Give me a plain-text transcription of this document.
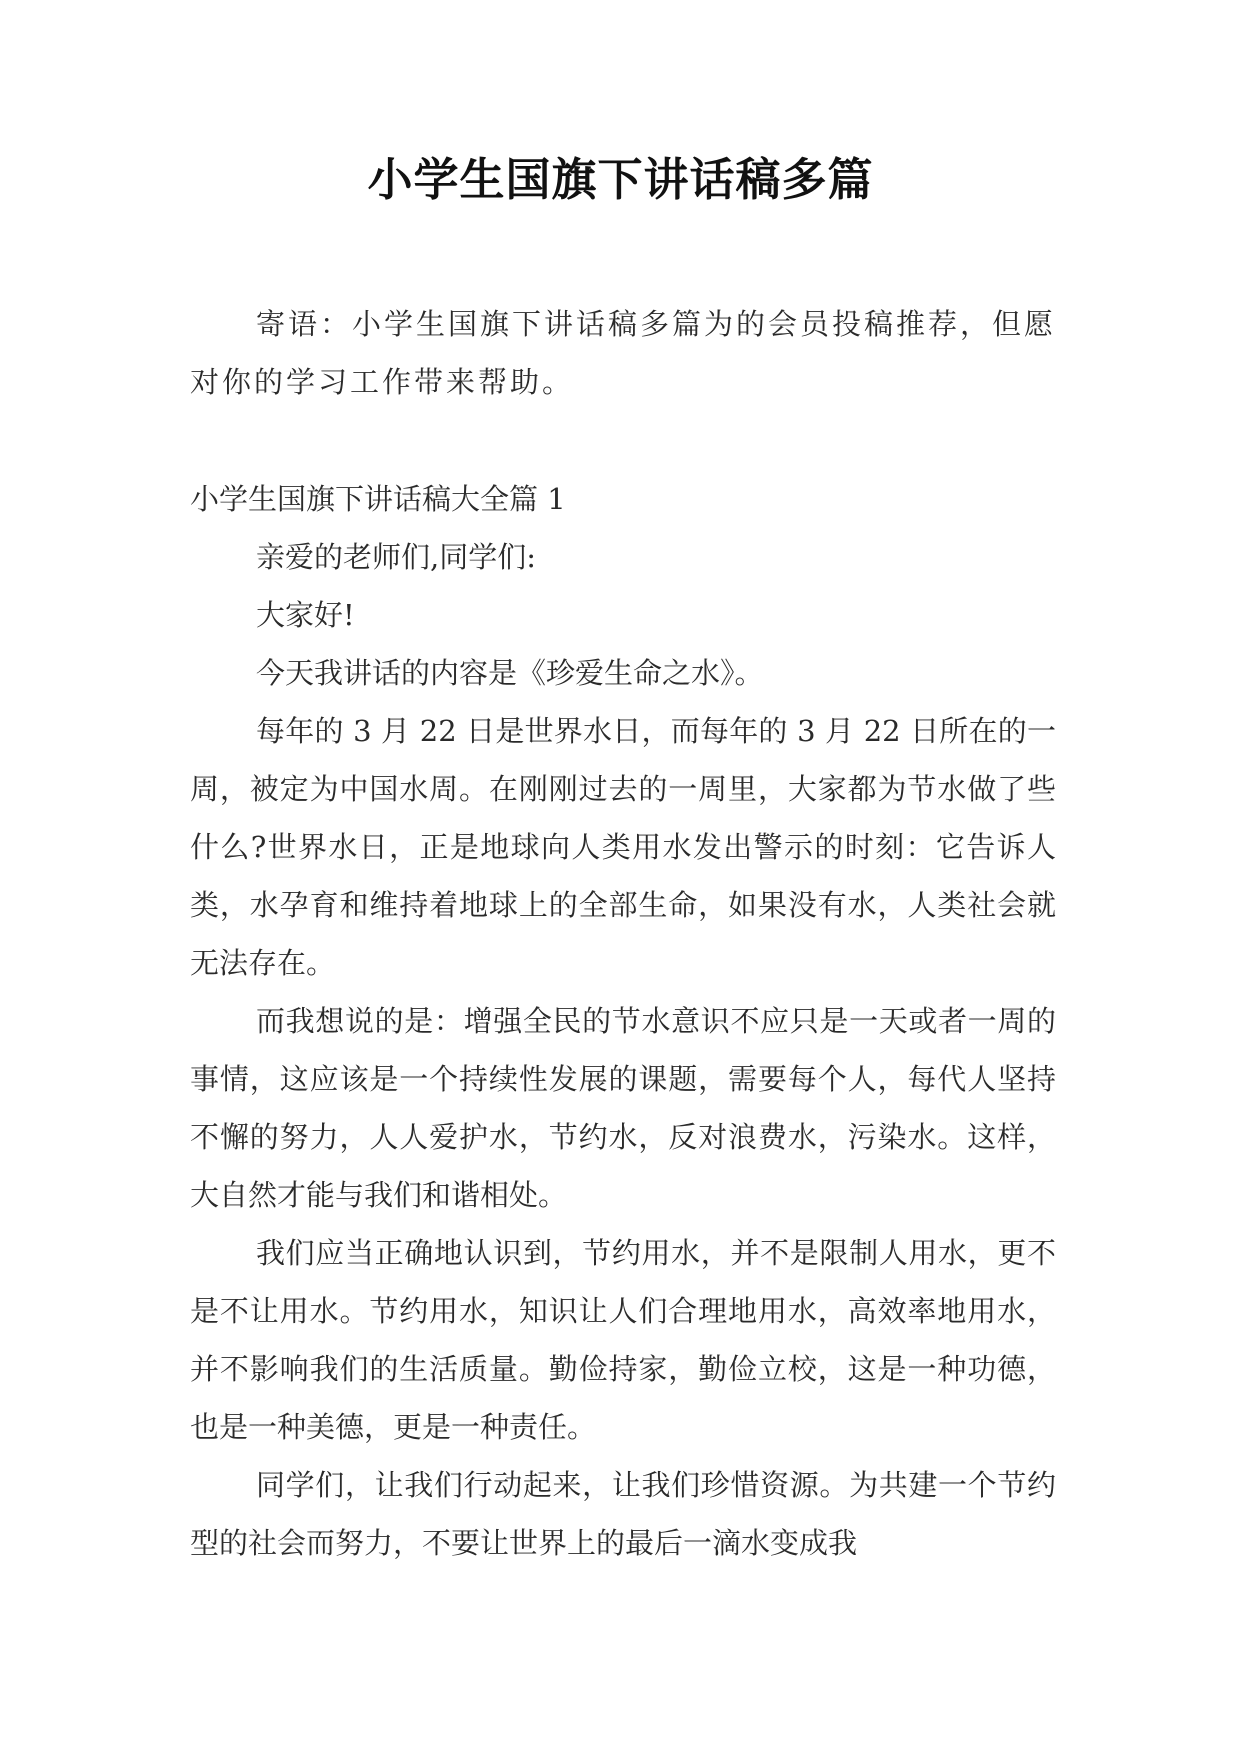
小学生国旗下讲话稿多篇

寄语：小学生国旗下讲话稿多篇为的会员投稿推荐，但愿对你的学习工作带来帮助。

小学生国旗下讲话稿大全篇 1

亲爱的老师们,同学们:

大家好!

今天我讲话的内容是《珍爱生命之水》。

每年的 3 月 22 日是世界水日，而每年的 3 月 22 日所在的一周，被定为中国水周。在刚刚过去的一周里，大家都为节水做了些什么?世界水日，正是地球向人类用水发出警示的时刻：它告诉人类，水孕育和维持着地球上的全部生命，如果没有水，人类社会就无法存在。

而我想说的是：增强全民的节水意识不应只是一天或者一周的事情，这应该是一个持续性发展的课题，需要每个人，每代人坚持不懈的努力，人人爱护水，节约水，反对浪费水，污染水。这样，大自然才能与我们和谐相处。

我们应当正确地认识到，节约用水，并不是限制人用水，更不是不让用水。节约用水，知识让人们合理地用水，高效率地用水，并不影响我们的生活质量。勤俭持家，勤俭立校，这是一种功德，也是一种美德，更是一种责任。

同学们，让我们行动起来，让我们珍惜资源。为共建一个节约型的社会而努力，不要让世界上的最后一滴水变成我
